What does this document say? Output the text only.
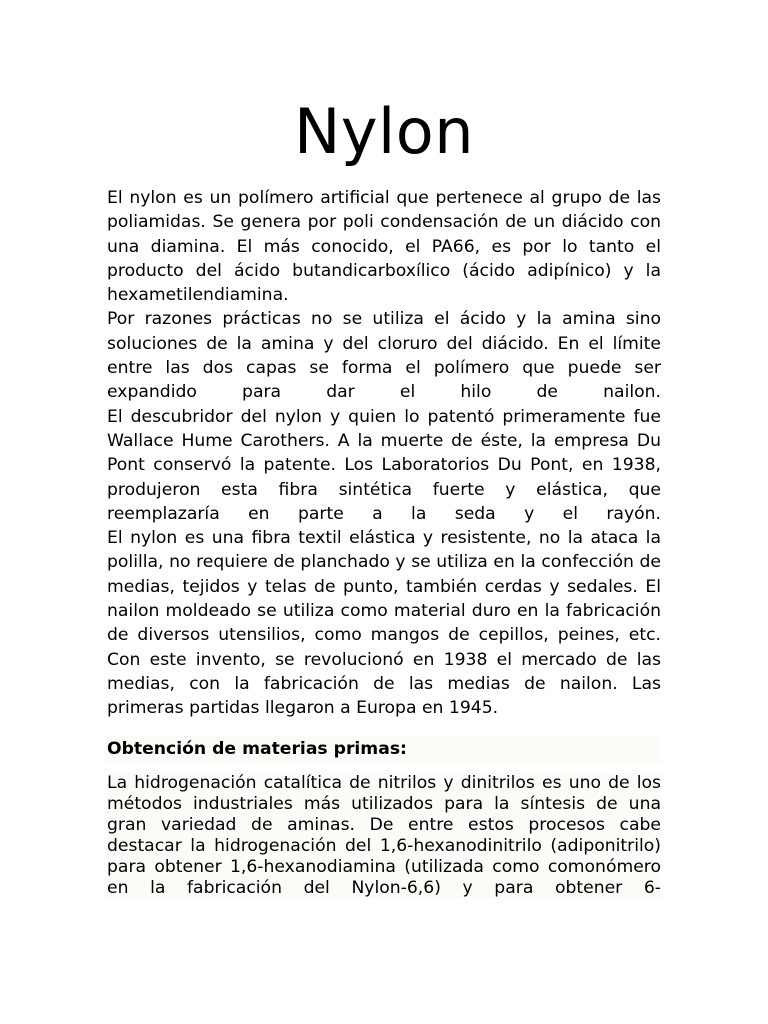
Nylon

El nylon es un polímero artificial que pertenece al grupo de las poliamidas. Se genera por poli condensación de un diácido con una diamina. El más conocido, el PA66, es por lo tanto el producto del ácido butandicarboxílico (ácido adipínico) y la hexametilendiamina.

Por razones prácticas no se utiliza el ácido y la amina sino soluciones de la amina y del cloruro del diácido. En el límite entre las dos capas se forma el polímero que puede ser expandido para dar el hilo de nailon.

El descubridor del nylon y quien lo patentó primeramente fue Wallace Hume Carothers. A la muerte de éste, la empresa Du Pont conservó la patente. Los Laboratorios Du Pont, en 1938, produjeron esta fibra sintética fuerte y elástica, que reemplazaría en parte a la seda y el rayón.

El nylon es una fibra textil elástica y resistente, no la ataca la polilla, no requiere de planchado y se utiliza en la confección de medias, tejidos y telas de punto, también cerdas y sedales. El nailon moldeado se utiliza como material duro en la fabricación de diversos utensilios, como mangos de cepillos, peines, etc.

Con este invento, se revolucionó en 1938 el mercado de las medias, con la fabricación de las medias de nailon. Las primeras partidas llegaron a Europa en 1945.

Obtención de materias primas:

La hidrogenación catalítica de nitrilos y dinitrilos es uno de los métodos industriales más utilizados para la síntesis de una gran variedad de aminas. De entre estos procesos cabe destacar la hidrogenación del 1,6-hexanodinitrilo (adiponitrilo) para obtener 1,6-hexanodiamina (utilizada como comonómero en la fabricación del Nylon-6,6) y para obtener 6-
